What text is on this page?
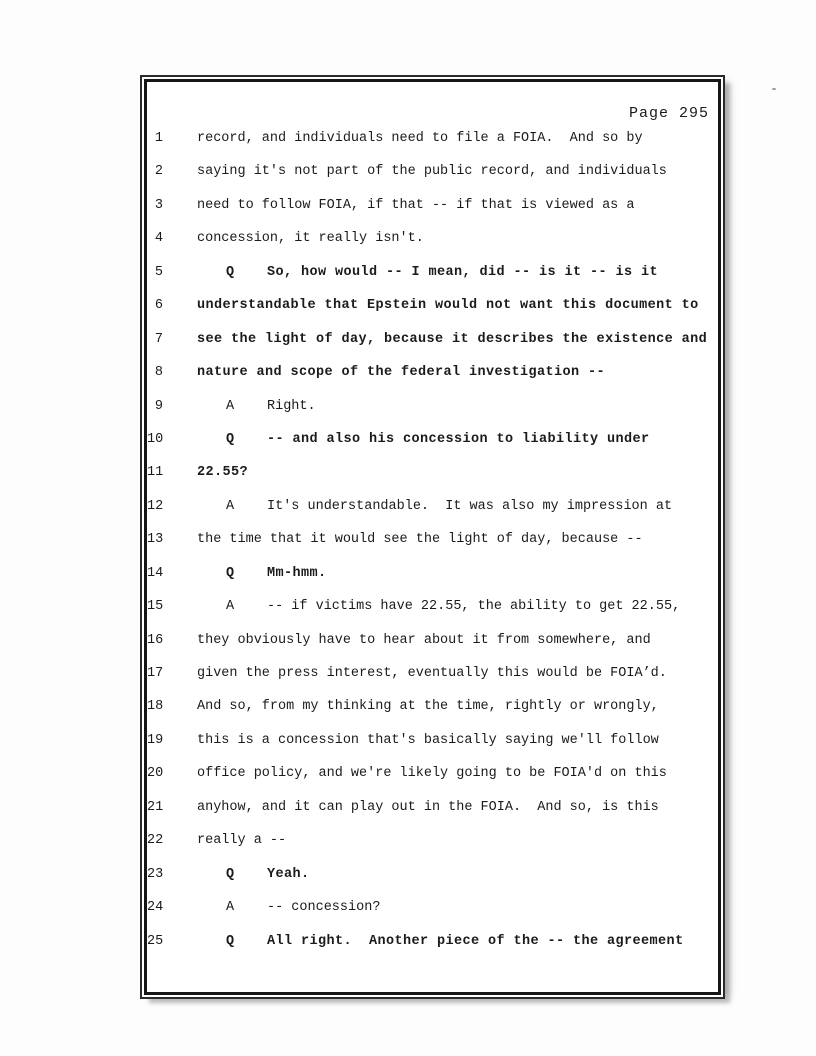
Page 295
1	record, and individuals need to file a FOIA.  And so by
2	saying it's not part of the public record, and individuals
3	need to follow FOIA, if that -- if that is viewed as a
4	concession, it really isn't.
5	Q So, how would -- I mean, did -- is it -- is it
6	understandable that Epstein would not want this document to
7	see the light of day, because it describes the existence and
8	nature and scope of the federal investigation --
9	A Right.
10	Q -- and also his concession to liability under
11	22.55?
12	A It's understandable.  It was also my impression at
13	the time that it would see the light of day, because --
14	Q Mm-hmm.
15	A -- if victims have 22.55, the ability to get 22.55,
16	they obviously have to hear about it from somewhere, and
17	given the press interest, eventually this would be FOIA’d.
18	And so, from my thinking at the time, rightly or wrongly,
19	this is a concession that's basically saying we'll follow
20	office policy, and we're likely going to be FOIA'd on this
21	anyhow, and it can play out in the FOIA.  And so, is this
22	really a --
23	Q Yeah.
24	A -- concession?
25	Q All right.  Another piece of the -- the agreement
